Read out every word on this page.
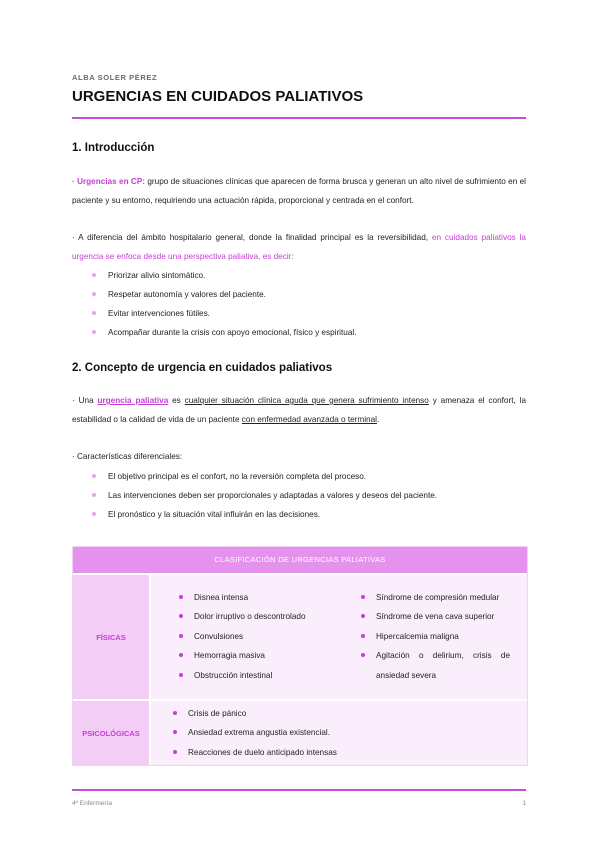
ALBA SOLER PÉREZ
URGENCIAS EN CUIDADOS PALIATIVOS
1. Introducción

· Urgencias en CP: grupo de situaciones clínicas que aparecen de forma brusca y generan un alto nivel de sufrimiento en el paciente y su entorno, requiriendo una actuación rápida, proporcional y centrada en el confort.

· A diferencia del ámbito hospitalario general, donde la finalidad principal es la reversibilidad, en cuidados paliativos la urgencia se enfoca desde una perspectiva paliativa, es decir:

Priorizar alivio sintomático.
Respetar autonomía y valores del paciente.
Evitar intervenciones fútiles.
Acompañar durante la crisis con apoyo emocional, físico y espiritual.
2. Concepto de urgencia en cuidados paliativos

· Una urgencia paliativa es cualquier situación clínica aguda que genera sufrimiento intenso y amenaza el confort, la estabilidad o la calidad de vida de un paciente con enfermedad avanzada o terminal.

· Características diferenciales:

El objetivo principal es el confort, no la reversión completa del proceso.
Las intervenciones deben ser proporcionales y adaptadas a valores y deseos del paciente.
El pronóstico y la situación vital influirán en las decisiones.
CLASIFICACIÓN DE URGENCIAS PALIATIVAS
FÍSICAS
Disnea intensa
Dolor irruptivo o descontrolado
Convulsiones
Hemorragia masiva
Obstrucción intestinal
Síndrome de compresión medular
Síndrome de vena cava superior
Hipercalcemia maligna
Agitación o delirium, crisis de ansiedad severa
PSICOLÓGICAS
Crisis de pánico
Ansiedad extrema angustia existencial.
Reacciones de duelo anticipado intensas
4º Enfermería	1
